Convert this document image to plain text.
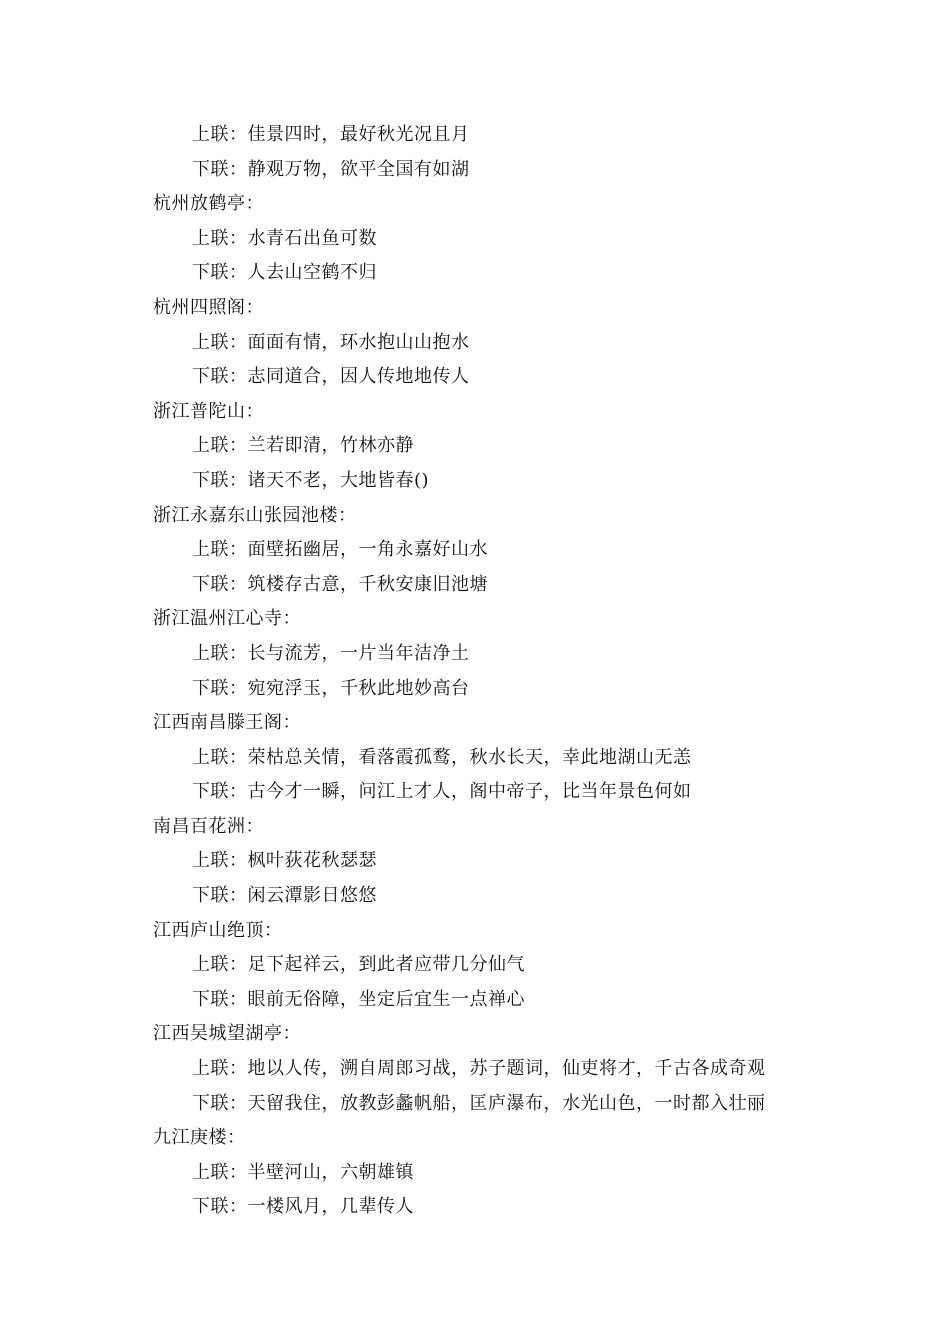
上联：佳景四时，最好秋光况且月
下联：静观万物，欲平全国有如湖
杭州放鹤亭：
上联：水青石出鱼可数
下联：人去山空鹤不归
杭州四照阁：
上联：面面有情，环水抱山山抱水
下联：志同道合，因人传地地传人
浙江普陀山：
上联：兰若即清，竹林亦静
下联：诸天不老，大地皆春()
浙江永嘉东山张园池楼：
上联：面壁拓幽居，一角永嘉好山水
下联：筑楼存古意，千秋安康旧池塘
浙江温州江心寺：
上联：长与流芳，一片当年洁净土
下联：宛宛浮玉，千秋此地妙高台
江西南昌滕王阁：
上联：荣枯总关情，看落霞孤鹜，秋水长天，幸此地湖山无恙
下联：古今才一瞬，问江上才人，阁中帝子，比当年景色何如
南昌百花洲：
上联：枫叶荻花秋瑟瑟
下联：闲云潭影日悠悠
江西庐山绝顶：
上联：足下起祥云，到此者应带几分仙气
下联：眼前无俗障，坐定后宜生一点禅心
江西吴城望湖亭：
上联：地以人传，溯自周郎习战，苏子题词，仙吏将才，千古各成奇观
下联：天留我住，放教彭蠡帆船，匡庐瀑布，水光山色，一时都入壮丽
九江庚楼：
上联：半壁河山，六朝雄镇
下联：一楼风月，几辈传人
